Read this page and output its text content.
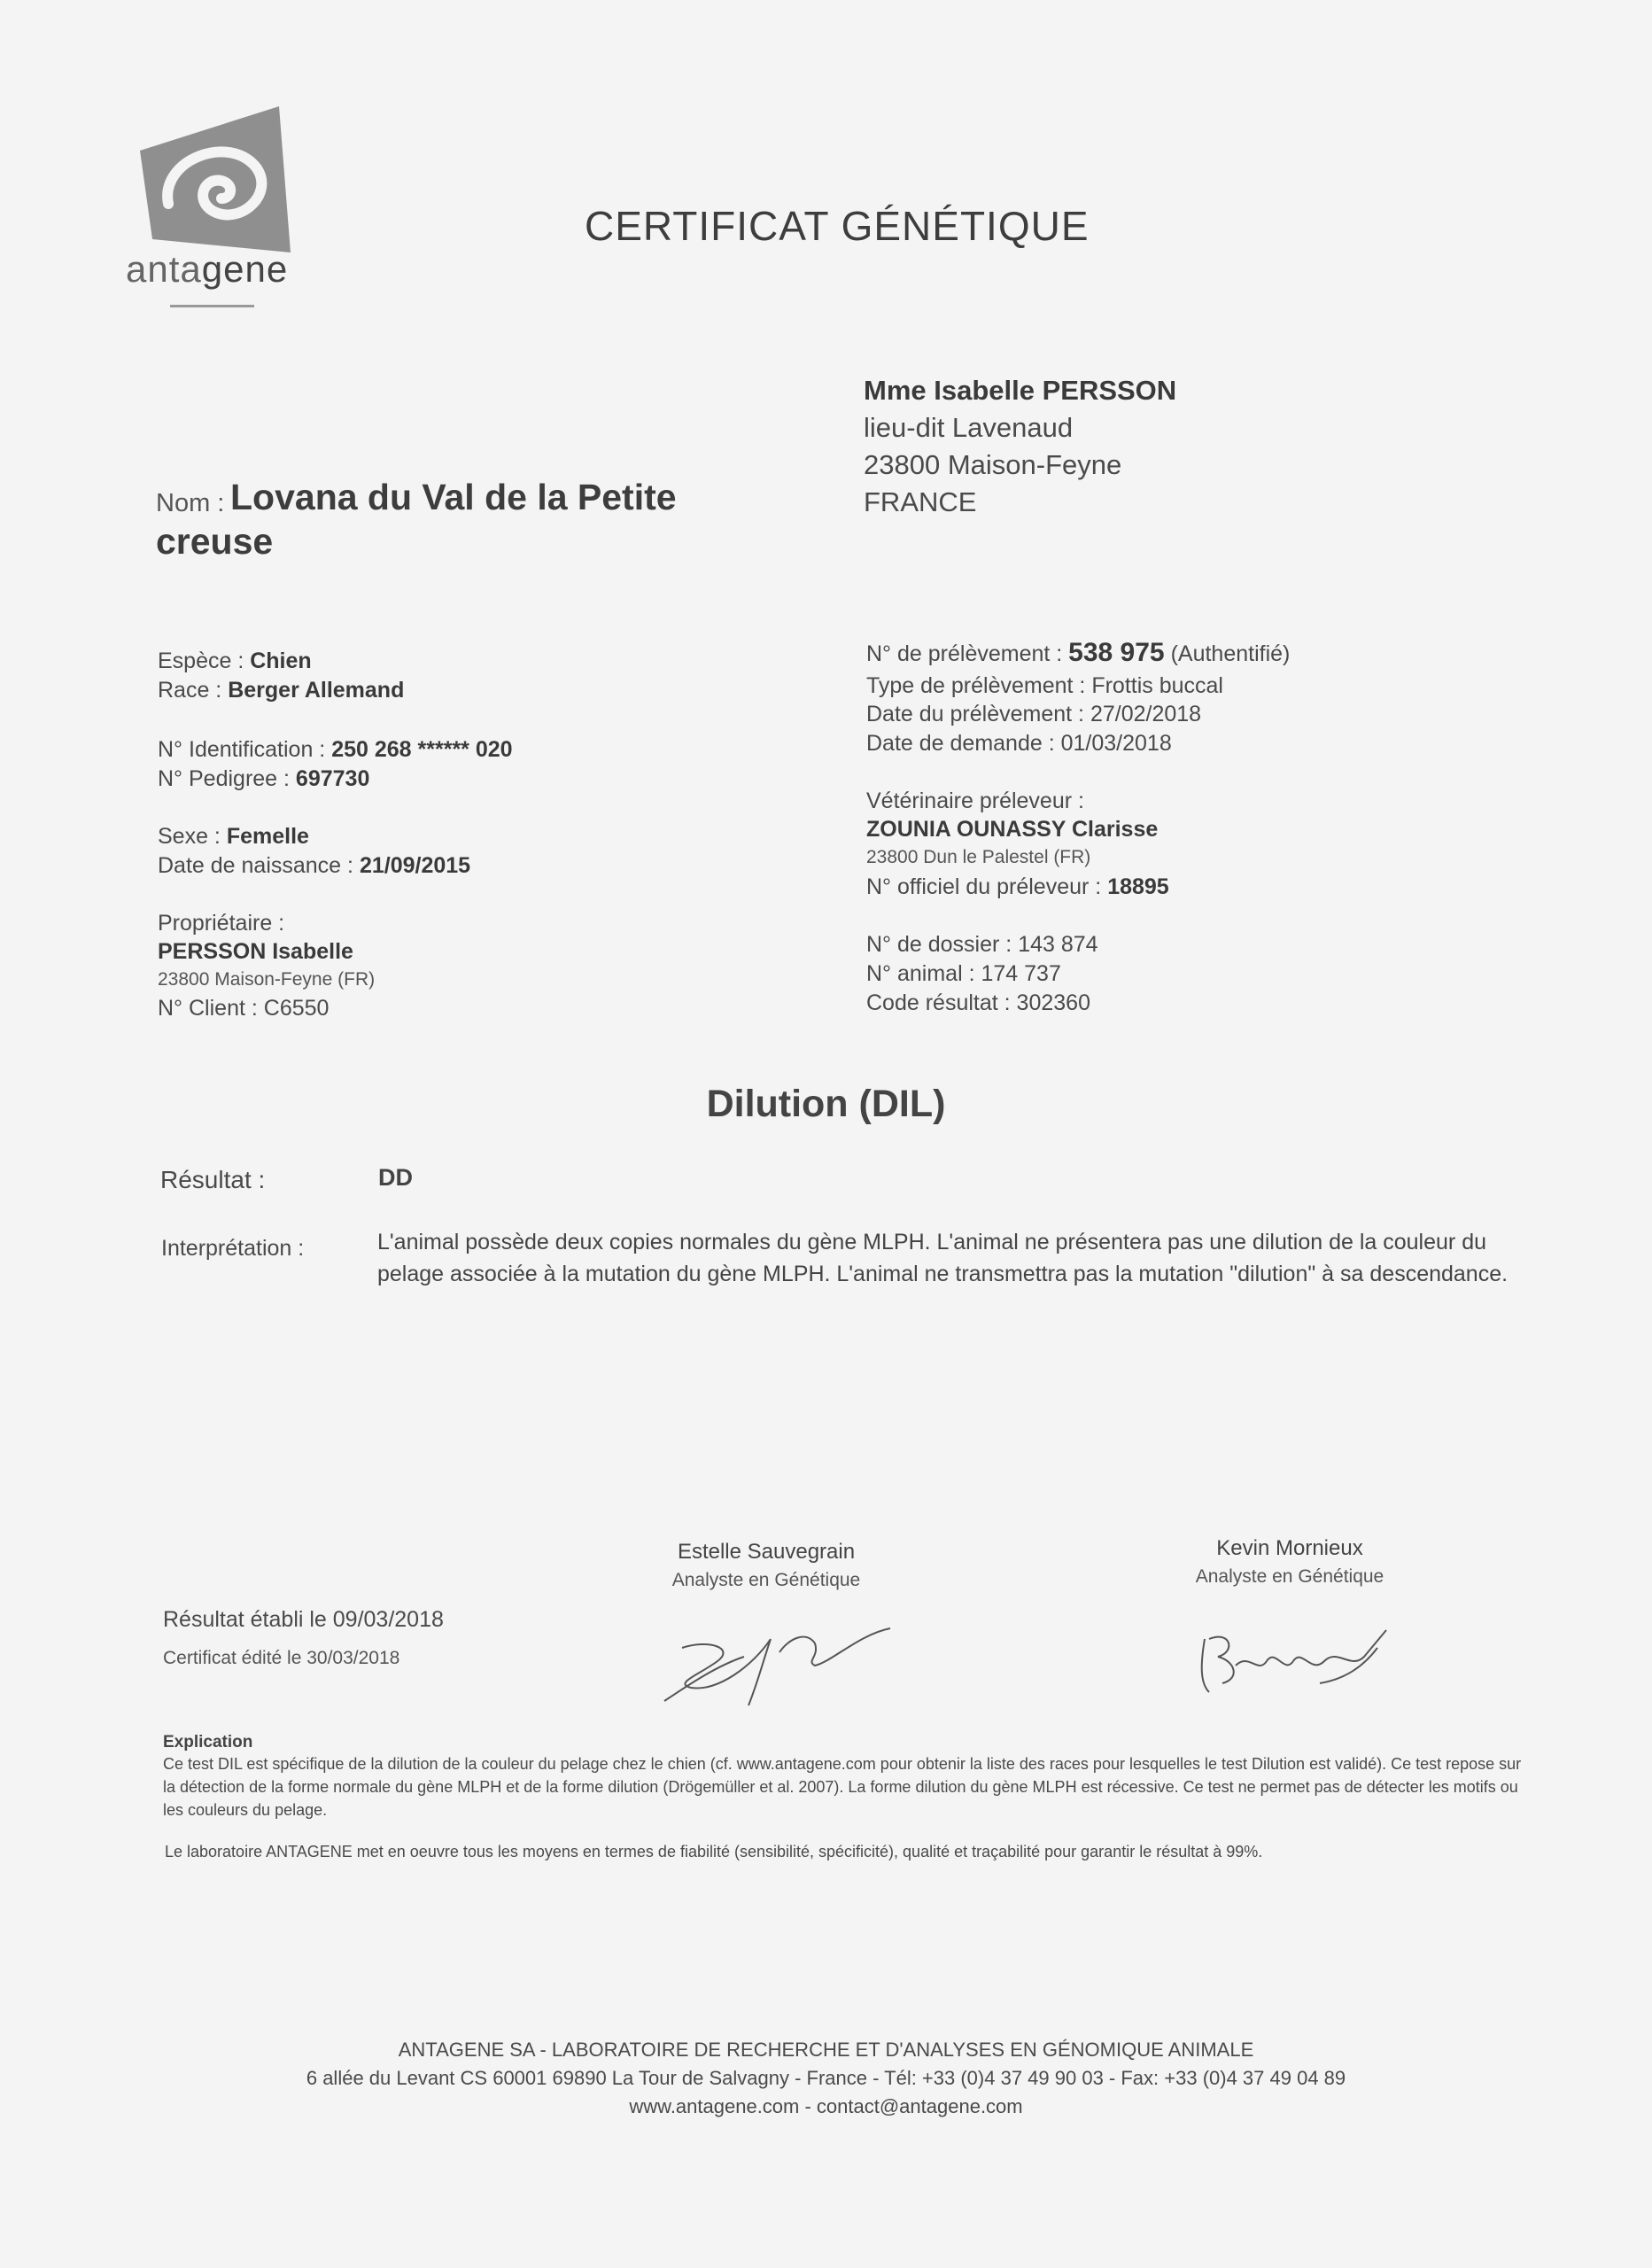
antagene
CERTIFICAT GÉNÉTIQUE
Mme Isabelle PERSSON
lieu-dit Lavenaud
23800 Maison-Feyne
FRANCE
Nom : Lovana du Val de la Petite
creuse
Espèce : Chien
Race : Berger Allemand
N° Identification : 250 268 ****** 020
N° Pedigree : 697730
Sexe : Femelle
Date de naissance : 21/09/2015
Propriétaire :
PERSSON Isabelle
23800 Maison-Feyne (FR)
N° Client : C6550
N° de prélèvement : 538 975 (Authentifié)
Type de prélèvement : Frottis buccal
Date du prélèvement : 27/02/2018
Date de demande : 01/03/2018
Vétérinaire préleveur :
ZOUNIA OUNASSY Clarisse
23800 Dun le Palestel (FR)
N° officiel du préleveur : 18895
N° de dossier : 143 874
N° animal : 174 737
Code résultat : 302360
Dilution (DIL)
Résultat :	DD
Interprétation :	L'animal possède deux copies normales du gène MLPH. L'animal ne présentera pas une dilution de la couleur du pelage associée à la mutation du gène MLPH. L'animal ne transmettra pas la mutation "dilution" à sa descendance.
Estelle Sauvegrain
Analyste en Génétique
Kevin Mornieux
Analyste en Génétique
Résultat établi le 09/03/2018
Certificat édité le 30/03/2018
Explication
Ce test DIL est spécifique de la dilution de la couleur du pelage chez le chien (cf. www.antagene.com pour obtenir la liste des races pour lesquelles le test Dilution est validé). Ce test repose sur la détection de la forme normale du gène MLPH et de la forme dilution (Drögemüller et al. 2007). La forme dilution du gène MLPH est récessive. Ce test ne permet pas de détecter les motifs ou les couleurs du pelage.
Le laboratoire ANTAGENE met en oeuvre tous les moyens en termes de fiabilité (sensibilité, spécificité), qualité et traçabilité pour garantir le résultat à 99%.
ANTAGENE SA - LABORATOIRE DE RECHERCHE ET D'ANALYSES EN GÉNOMIQUE ANIMALE
6 allée du Levant CS 60001 69890 La Tour de Salvagny - France - Tél: +33 (0)4 37 49 90 03 - Fax: +33 (0)4 37 49 04 89
www.antagene.com - contact@antagene.com
